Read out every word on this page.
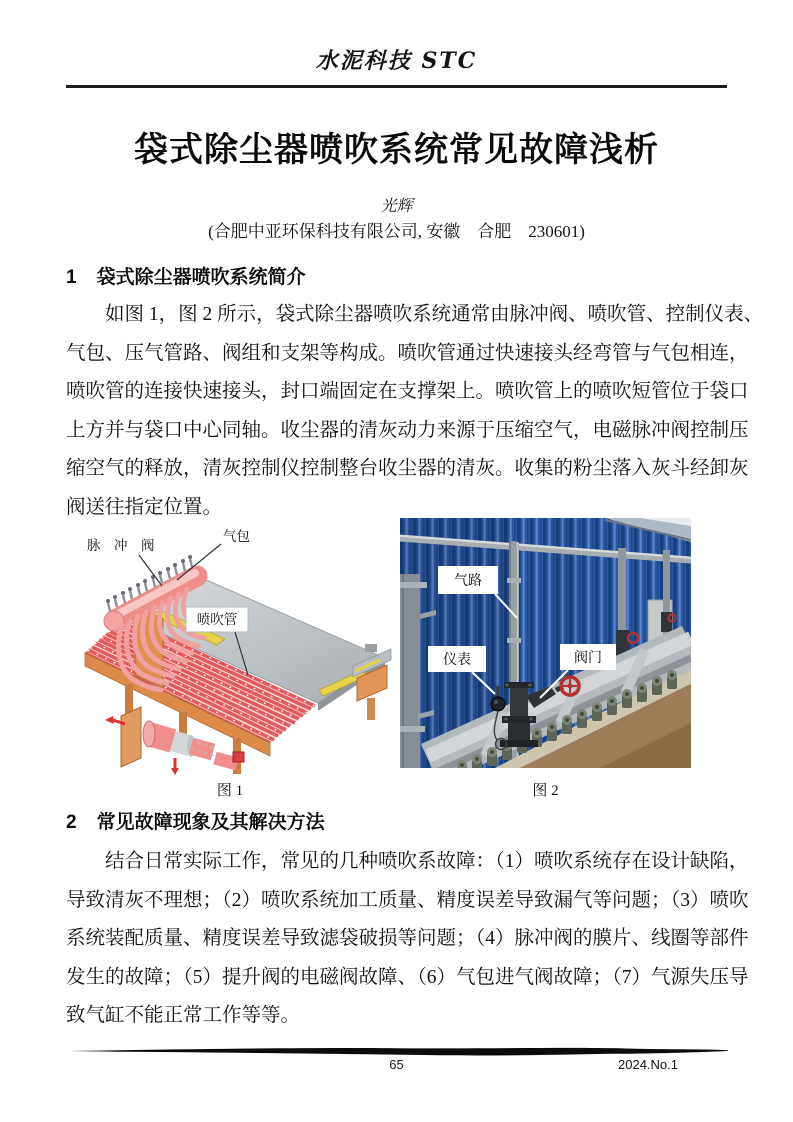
水泥科技 STC
袋式除尘器喷吹系统常见故障浅析
光辉
(合肥中亚环保科技有限公司, 安徽　合肥　230601)
1 袋式除尘器喷吹系统简介
如图 1，图 2 所示，袋式除尘器喷吹系统通常由脉冲阀、喷吹管、控制仪表、
气包、压气管路、阀组和支架等构成。喷吹管通过快速接头经弯管与气包相连，
喷吹管的连接快速接头，封口端固定在支撑架上。喷吹管上的喷吹短管位于袋口
上方并与袋口中心同轴。收尘器的清灰动力来源于压缩空气，电磁脉冲阀控制压
缩空气的释放，清灰控制仪控制整台收尘器的清灰。收集的粉尘落入灰斗经卸灰
阀送往指定位置。
脉　冲　阀
气包
喷吹管
气路
仪表	阀门
图 1	图 2
2 常见故障现象及其解决方法
结合日常实际工作，常见的几种喷吹系故障：（1）喷吹系统存在设计缺陷，
导致清灰不理想；（2）喷吹系统加工质量、精度误差导致漏气等问题；（3）喷吹
系统装配质量、精度误差导致滤袋破损等问题；（4）脉冲阀的膜片、线圈等部件
发生的故障；（5）提升阀的电磁阀故障、（6）气包进气阀故障；（7）气源失压导
致气缸不能正常工作等等。
65	2024.No.1
